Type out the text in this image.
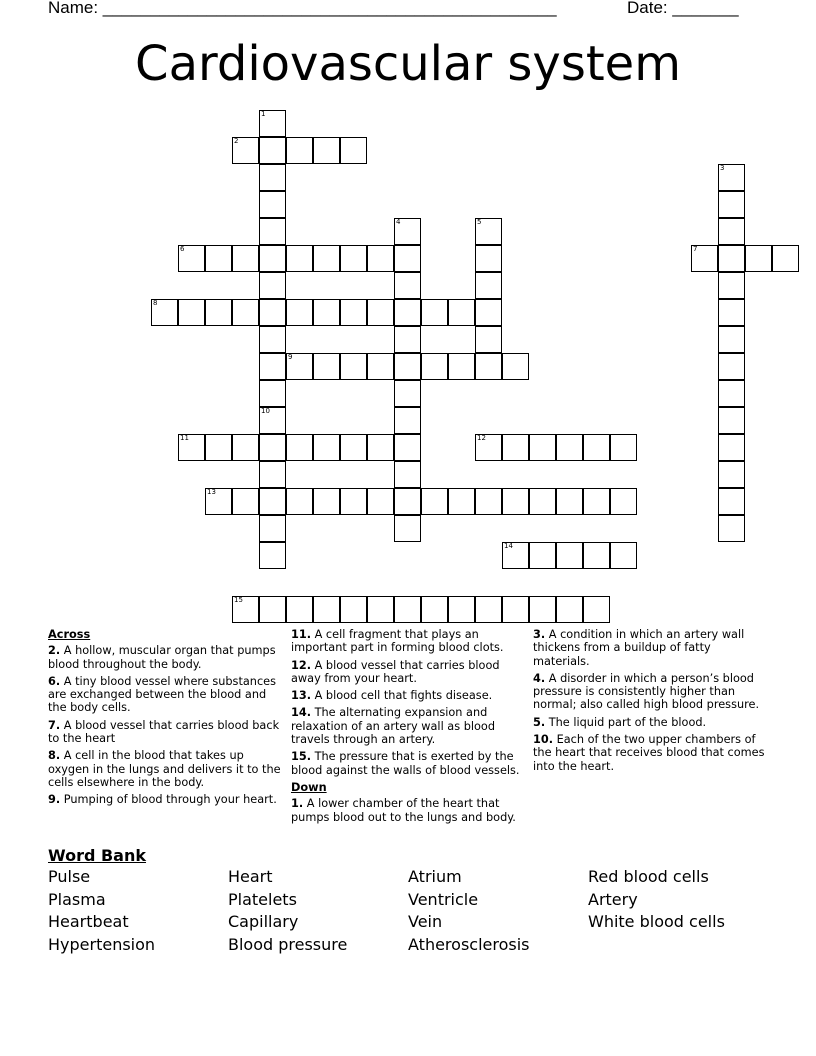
Name: ________________________________________________	Date: _______
Cardiovascular system
1
10
2
3
4	5
6	7
8
9
11	12
13
14
15
Across
2. A hollow, muscular organ that pumps blood throughout the body.
6. A tiny blood vessel where substances are exchanged between the blood and the body cells.
7. A blood vessel that carries blood back to the heart
8. A cell in the blood that takes up oxygen in the lungs and delivers it to the cells elsewhere in the body.
9. Pumping of blood through your heart.
11. A cell fragment that plays an important part in forming blood clots.
12. A blood vessel that carries blood away from your heart.
13. A blood cell that fights disease.
14. The alternating expansion and relaxation of an artery wall as blood travels through an artery.
15. The pressure that is exerted by the blood against the walls of blood vessels.
Down
1. A lower chamber of the heart that pumps blood out to the lungs and body.
3. A condition in which an artery wall thickens from a buildup of fatty materials.
4. A disorder in which a person’s blood pressure is consistently higher than normal; also called high blood pressure.
5. The liquid part of the blood.
10. Each of the two upper chambers of the heart that receives blood that comes into the heart.
Word Bank
Pulse
Plasma
Heartbeat
Hypertension
Heart
Platelets
Capillary
Blood pressure
Atrium
Ventricle
Vein
Atherosclerosis
Red blood cells
Artery
White blood cells
